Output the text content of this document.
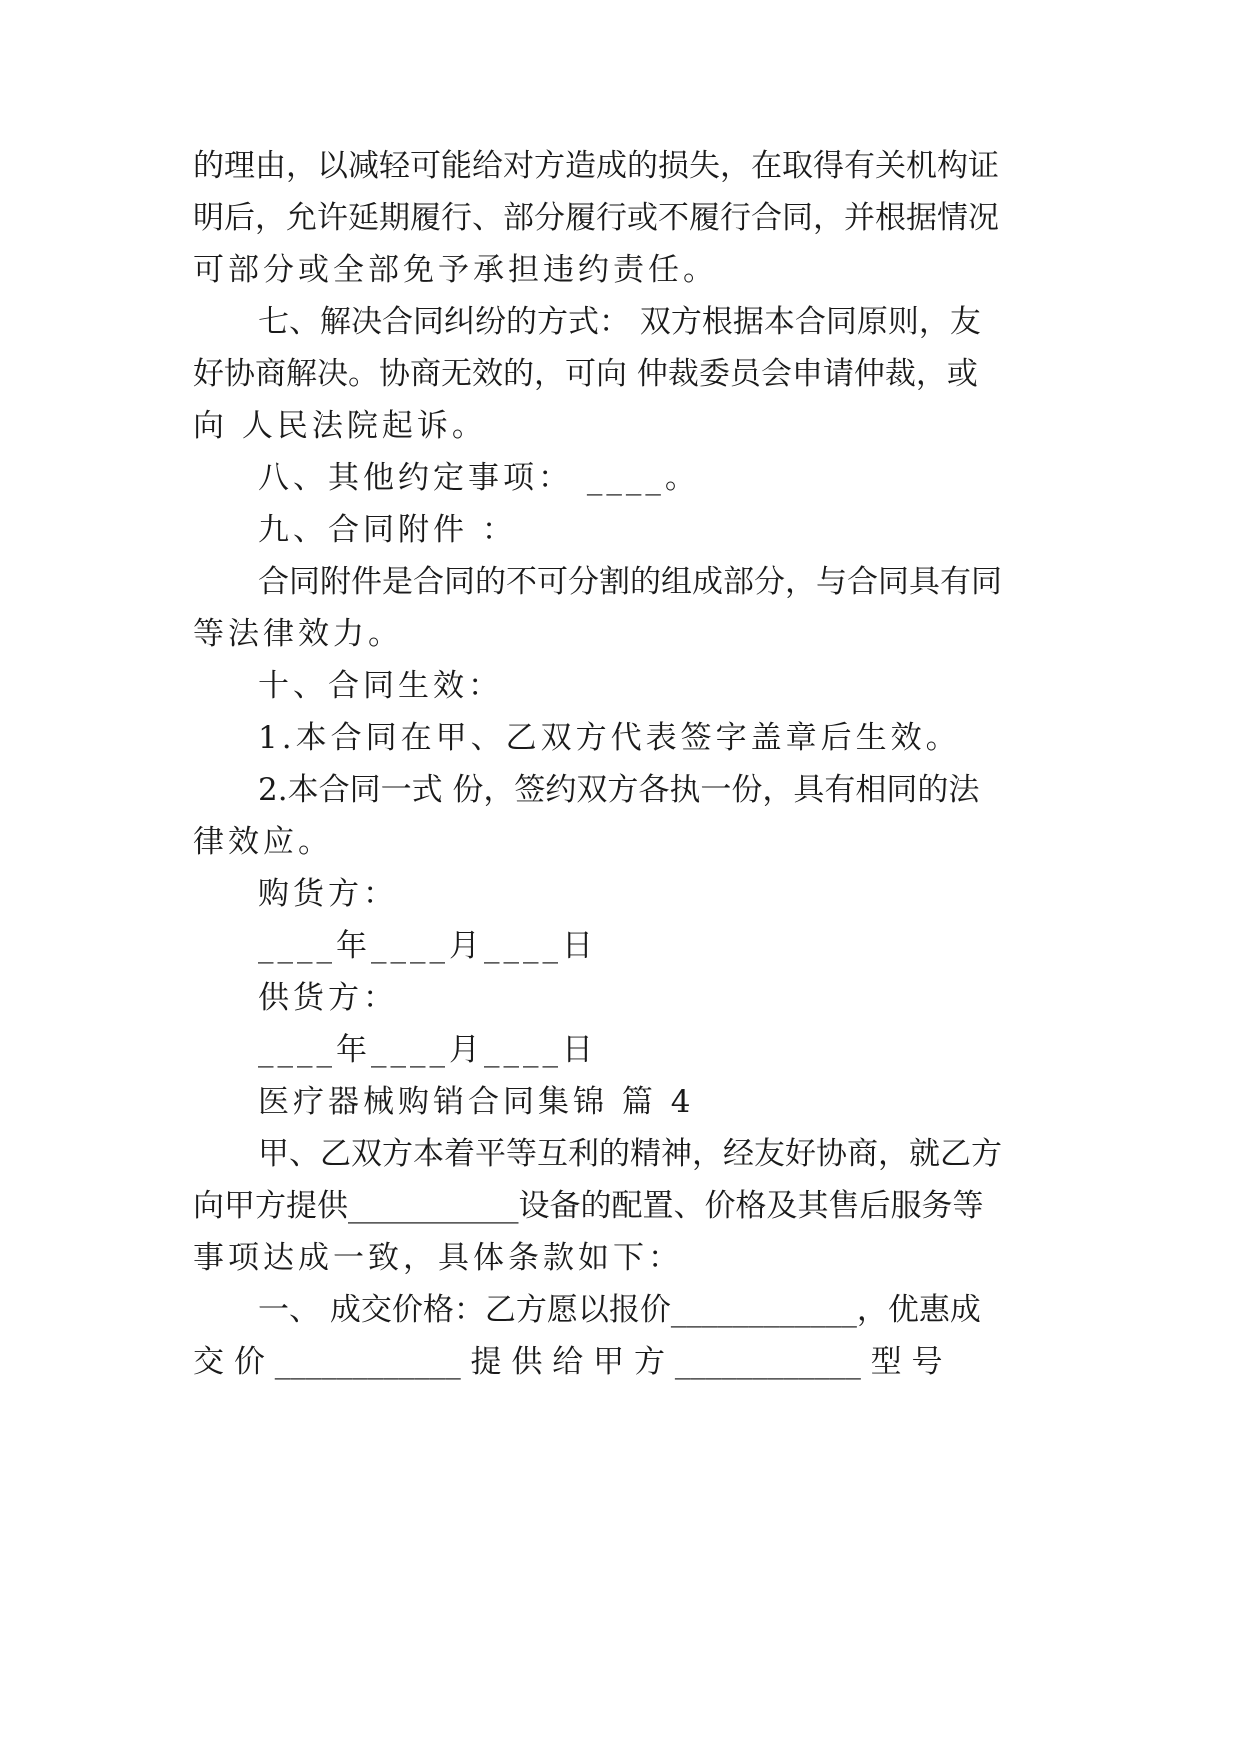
的理由，以减轻可能给对方造成的损失，在取得有关机构证
明后，允许延期履行、部分履行或不履行合同，并根据情况
可部分或全部免予承担违约责任。
七、解决合同纠纷的方式： 双方根据本合同原则，友
好协商解决。协商无效的，可向 仲裁委员会申请仲裁，或
向 人民法院起诉。
八、其他约定事项： ____。
九、合同附件 ：
合同附件是合同的不可分割的组成部分，与合同具有同
等法律效力。
十、合同生效：
1.本合同在甲、乙双方代表签字盖章后生效。
2.本合同一式 份，签约双方各执一份，具有相同的法
律效应。
购货方：
____年____月____日
供货方：
____年____月____日
医疗器械购销合同集锦 篇 4
甲、乙双方本着平等互利的精神，经友好协商，就乙方
向甲方提供___________设备的配置、价格及其售后服务等
事项达成一致，具体条款如下：
一、 成交价格：乙方愿以报价____________，优惠成
交 价 ____________ 提 供 给 甲 方 ____________ 型 号
